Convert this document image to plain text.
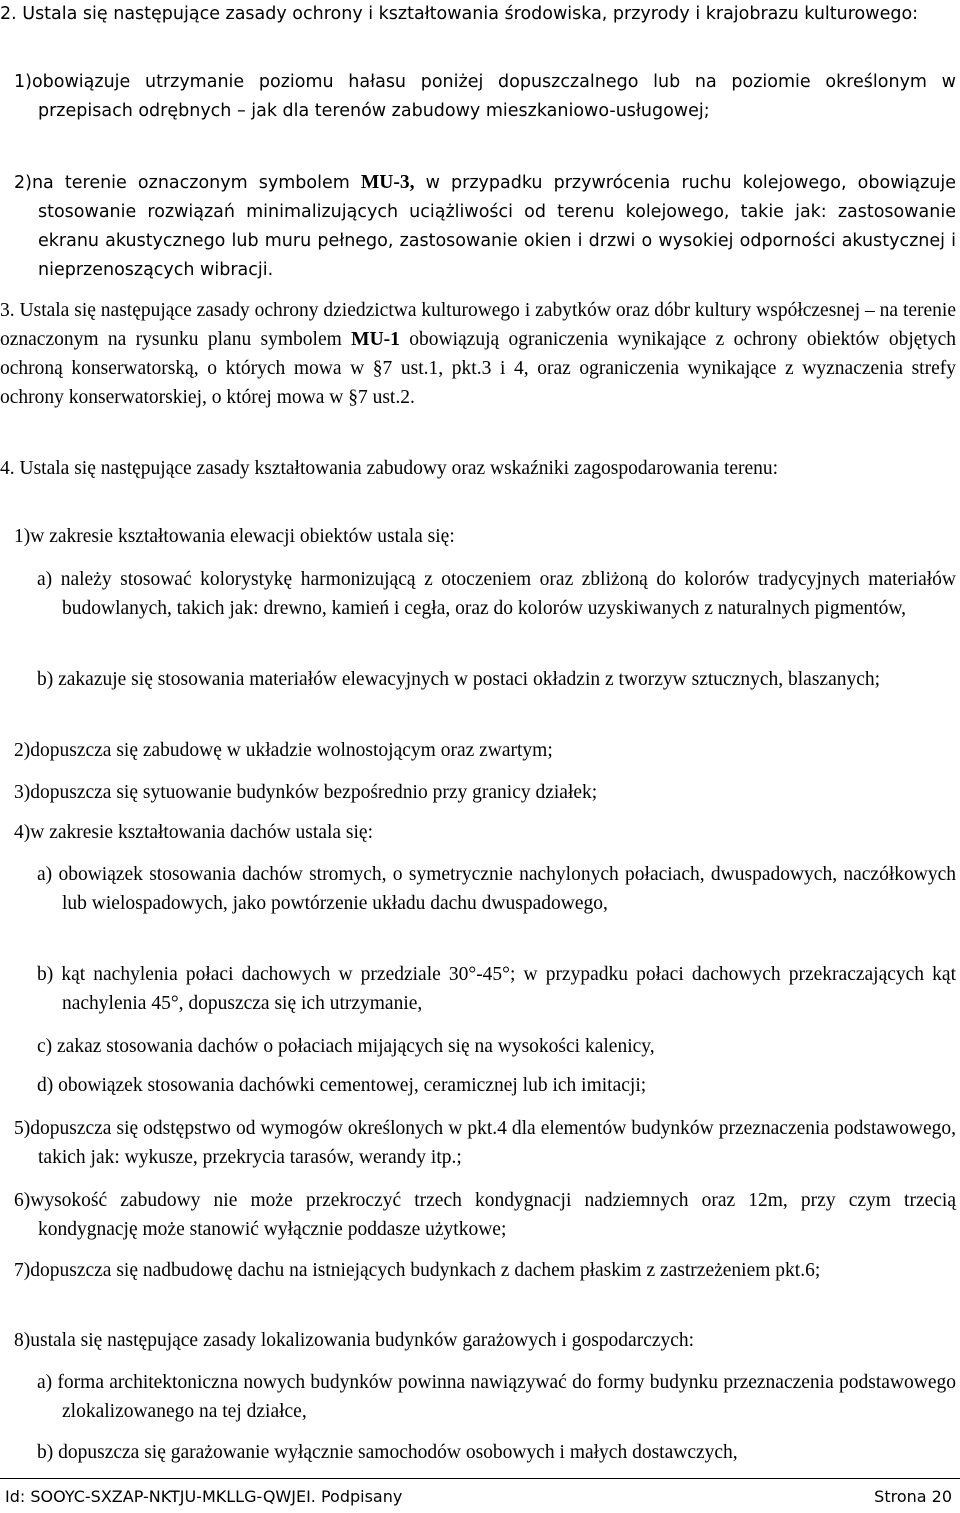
2. Ustala się następujące zasady ochrony i kształtowania środowiska, przyrody i krajobrazu kulturowego:

1)obowiązuje utrzymanie poziomu hałasu poniżej dopuszczalnego lub na poziomie określonym w przepisach odrębnych – jak dla terenów zabudowy mieszkaniowo-usługowej;

2)na terenie oznaczonym symbolem MU-3, w przypadku przywrócenia ruchu kolejowego, obowiązuje stosowanie rozwiązań minimalizujących uciążliwości od terenu kolejowego, takie jak: zastosowanie ekranu akustycznego lub muru pełnego, zastosowanie okien i drzwi o wysokiej odporności akustycznej i nieprzenoszących wibracji.

3. Ustala się następujące zasady ochrony dziedzictwa kulturowego i zabytków oraz dóbr kultury współczesnej – na terenie oznaczonym na rysunku planu symbolem MU-1 obowiązują ograniczenia wynikające z ochrony obiektów objętych ochroną konserwatorską, o których mowa w §7 ust.1, pkt.3 i 4, oraz ograniczenia wynikające z wyznaczenia strefy ochrony konserwatorskiej, o której mowa w §7 ust.2.

4. Ustala się następujące zasady kształtowania zabudowy oraz wskaźniki zagospodarowania terenu:

1)w zakresie kształtowania elewacji obiektów ustala się:

a) należy stosować kolorystykę harmonizującą z otoczeniem oraz zbliżoną do kolorów tradycyjnych materiałów budowlanych, takich jak: drewno, kamień i cegła, oraz do kolorów uzyskiwanych z naturalnych pigmentów,

b) zakazuje się stosowania materiałów elewacyjnych w postaci okładzin z tworzyw sztucznych, blaszanych;

2)dopuszcza się zabudowę w układzie wolnostojącym oraz zwartym;

3)dopuszcza się sytuowanie budynków bezpośrednio przy granicy działek;

4)w zakresie kształtowania dachów ustala się:

a) obowiązek stosowania dachów stromych, o symetrycznie nachylonych połaciach, dwuspadowych, naczółkowych lub wielospadowych, jako powtórzenie układu dachu dwuspadowego,

b) kąt nachylenia połaci dachowych w przedziale 30°-45°; w przypadku połaci dachowych przekraczających kąt nachylenia 45°, dopuszcza się ich utrzymanie,

c) zakaz stosowania dachów o połaciach mijających się na wysokości kalenicy,

d) obowiązek stosowania dachówki cementowej, ceramicznej lub ich imitacji;

5)dopuszcza się odstępstwo od wymogów określonych w pkt.4 dla elementów budynków przeznaczenia podstawowego, takich jak: wykusze, przekrycia tarasów, werandy itp.;

6)wysokość zabudowy nie może przekroczyć trzech kondygnacji nadziemnych oraz 12m, przy czym trzecią kondygnację może stanowić wyłącznie poddasze użytkowe;

7)dopuszcza się nadbudowę dachu na istniejących budynkach z dachem płaskim z zastrzeżeniem pkt.6;

8)ustala się następujące zasady lokalizowania budynków garażowych i gospodarczych:

a) forma architektoniczna nowych budynków powinna nawiązywać do formy budynku przeznaczenia podstawowego zlokalizowanego na tej działce,

b) dopuszcza się garażowanie wyłącznie samochodów osobowych i małych dostawczych,

Id: SOOYC-SXZAP-NKTJU-MKLLG-QWJEI. Podpisany	Strona 20
